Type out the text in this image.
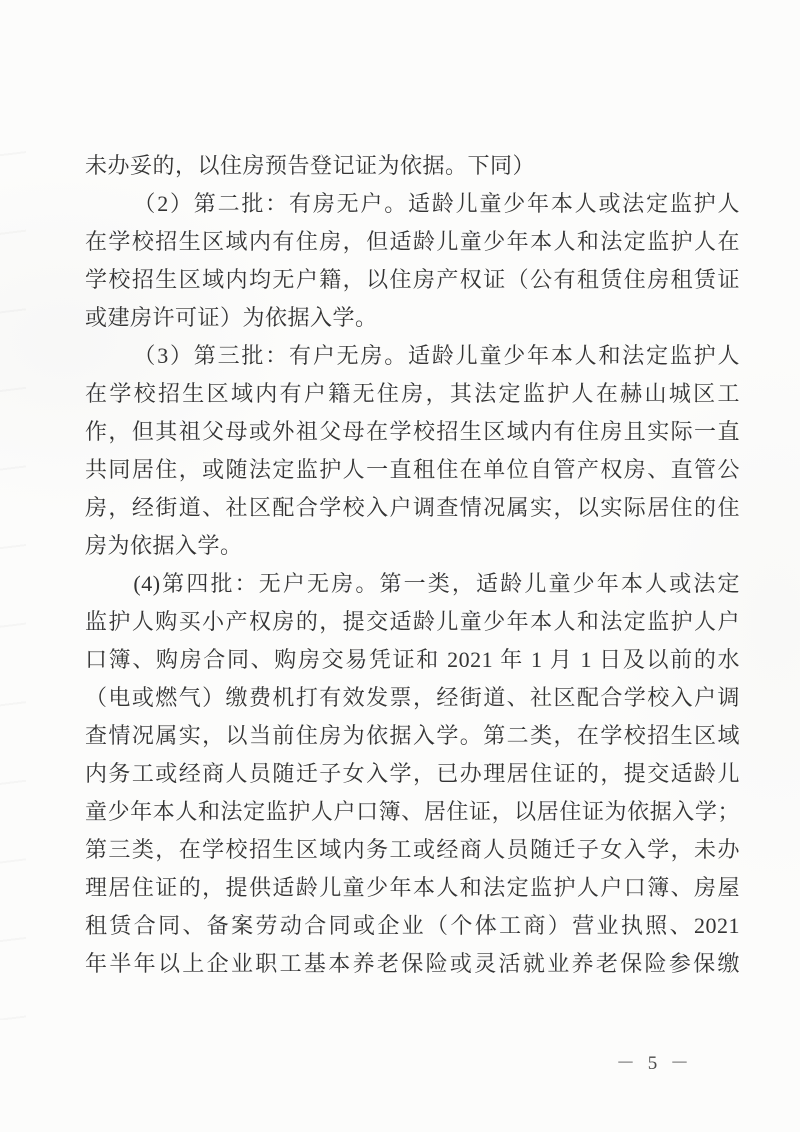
未办妥的，以住房预告登记证为依据。下同）
（2）第二批：有房无户。适龄儿童少年本人或法定监护人
在学校招生区域内有住房，但适龄儿童少年本人和法定监护人在
学校招生区域内均无户籍，以住房产权证（公有租赁住房租赁证
或建房许可证）为依据入学。
（3）第三批：有户无房。适龄儿童少年本人和法定监护人
在学校招生区域内有户籍无住房，其法定监护人在赫山城区工
作，但其祖父母或外祖父母在学校招生区域内有住房且实际一直
共同居住，或随法定监护人一直租住在单位自管产权房、直管公
房，经街道、社区配合学校入户调查情况属实，以实际居住的住
房为依据入学。
(4)第四批：无户无房。第一类，适龄儿童少年本人或法定
监护人购买小产权房的，提交适龄儿童少年本人和法定监护人户
口簿、购房合同、购房交易凭证和 2021 年 1 月 1 日及以前的水
（电或燃气）缴费机打有效发票，经街道、社区配合学校入户调
查情况属实，以当前住房为依据入学。第二类，在学校招生区域
内务工或经商人员随迁子女入学，已办理居住证的，提交适龄儿
童少年本人和法定监护人户口簿、居住证，以居住证为依据入学；
第三类，在学校招生区域内务工或经商人员随迁子女入学，未办
理居住证的，提供适龄儿童少年本人和法定监护人户口簿、房屋
租赁合同、备案劳动合同或企业（个体工商）营业执照、2021
年半年以上企业职工基本养老保险或灵活就业养老保险参保缴
－ 5 －
